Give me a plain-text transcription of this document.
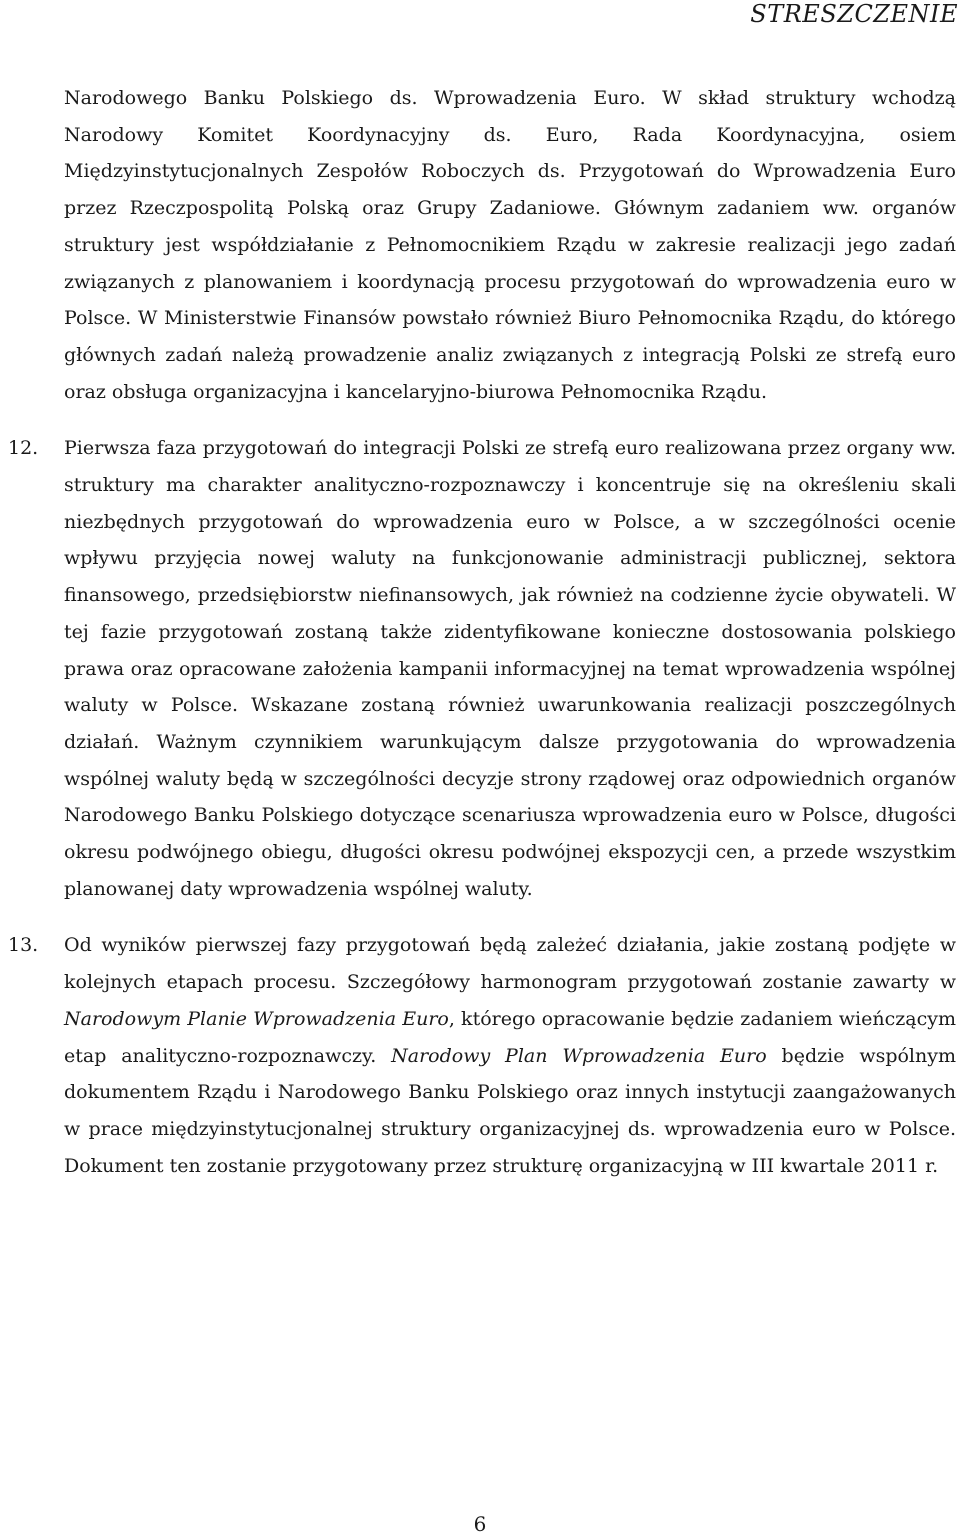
STRESZCZENIE

Narodowego Banku Polskiego ds. Wprowadzenia Euro. W skład struktury wchodzą Narodowy Komitet Koordynacyjny ds. Euro, Rada Koordynacyjna, osiem Międzyinstytucjonalnych Zespołów Roboczych ds. Przygotowań do Wprowadzenia Euro przez Rzeczpospolitą Polską oraz Grupy Zadaniowe. Głównym zadaniem ww. organów struktury jest współdziałanie z Pełnomocnikiem Rządu w zakresie realizacji jego zadań związanych z planowaniem i koordynacją procesu przygotowań do wprowadzenia euro w Polsce. W Ministerstwie Finansów powstało również Biuro Pełnomocnika Rządu, do którego głównych zadań należą prowadzenie analiz związanych z integracją Polski ze strefą euro oraz obsługa organizacyjna i kancelaryjno-biurowa Pełnomocnika Rządu.

12. Pierwsza faza przygotowań do integracji Polski ze strefą euro realizowana przez organy ww. struktury ma charakter analityczno-rozpoznawczy i koncentruje się na określeniu skali niezbędnych przygotowań do wprowadzenia euro w Polsce, a w szczególności ocenie wpływu przyjęcia nowej waluty na funkcjonowanie administracji publicznej, sektora finansowego, przedsiębiorstw niefinansowych, jak również na codzienne życie obywateli. W tej fazie przygotowań zostaną także zidentyfikowane konieczne dostosowania polskiego prawa oraz opracowane założenia kampanii informacyjnej na temat wprowadzenia wspólnej waluty w Polsce. Wskazane zostaną również uwarunkowania realizacji poszczególnych działań. Ważnym czynnikiem warunkującym dalsze przygotowania do wprowadzenia wspólnej waluty będą w szczególności decyzje strony rządowej oraz odpowiednich organów Narodowego Banku Polskiego dotyczące scenariusza wprowadzenia euro w Polsce, długości okresu podwójnego obiegu, długości okresu podwójnej ekspozycji cen, a przede wszystkim planowanej daty wprowadzenia wspólnej waluty.

13. Od wyników pierwszej fazy przygotowań będą zależeć działania, jakie zostaną podjęte w kolejnych etapach procesu. Szczegółowy harmonogram przygotowań zostanie zawarty w Narodowym Planie Wprowadzenia Euro, którego opracowanie będzie zadaniem wieńczącym etap analityczno-rozpoznawczy. Narodowy Plan Wprowadzenia Euro będzie wspólnym dokumentem Rządu i Narodowego Banku Polskiego oraz innych instytucji zaangażowanych w prace międzyinstytucjonalnej struktury organizacyjnej ds. wprowadzenia euro w Polsce. Dokument ten zostanie przygotowany przez strukturę organizacyjną w III kwartale 2011 r.

6
